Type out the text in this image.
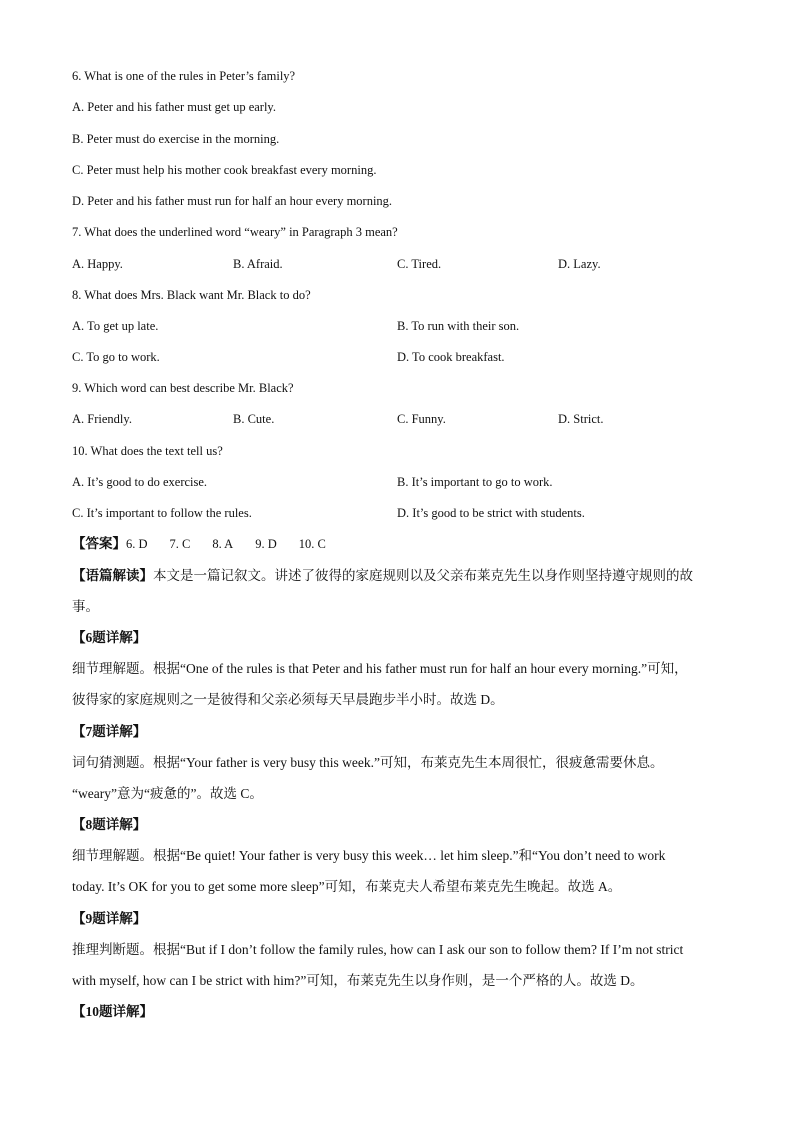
6. What is one of the rules in Peter’s family?
A. Peter and his father must get up early.
B. Peter must do exercise in the morning.
C. Peter must help his mother cook breakfast every morning.
D. Peter and his father must run for half an hour every morning.
7. What does the underlined word “weary” in Paragraph 3 mean?
A. Happy.	B. Afraid.	C. Tired.	D. Lazy.
8. What does Mrs. Black want Mr. Black to do?
A. To get up late.	B. To run with their son.
C. To go to work.	D. To cook breakfast.
9. Which word can best describe Mr. Black?
A. Friendly.	B. Cute.	C. Funny.	D. Strict.
10. What does the text tell us?
A. It’s good to do exercise.	B. It’s important to go to work.
C. It’s important to follow the rules.	D. It’s good to be strict with students.
【答案】6. D 7. C 8. A 9. D 10. C
【语篇解读】本文是一篇记叙文。讲述了彼得的家庭规则以及父亲布莱克先生以身作则坚持遵守规则的故
事。
【6题详解】
细节理解题。根据“One of the rules is that Peter and his father must run for half an hour every morning.”可知，
彼得家的家庭规则之一是彼得和父亲必须每天早晨跑步半小时。故选 D。
【7题详解】
词句猜测题。根据“Your father is very busy this week.”可知，布莱克先生本周很忙，很疲惫需要休息。
“weary”意为“疲惫的”。故选 C。
【8题详解】
细节理解题。根据“Be quiet! Your father is very busy this week… let him sleep.”和“You don’t need to work
today. It’s OK for you to get some more sleep”可知，布莱克夫人希望布莱克先生晚起。故选 A。
【9题详解】
推理判断题。根据“But if I don’t follow the family rules, how can I ask our son to follow them? If I’m not strict
with myself, how can I be strict with him?”可知，布莱克先生以身作则，是一个严格的人。故选 D。
【10题详解】
